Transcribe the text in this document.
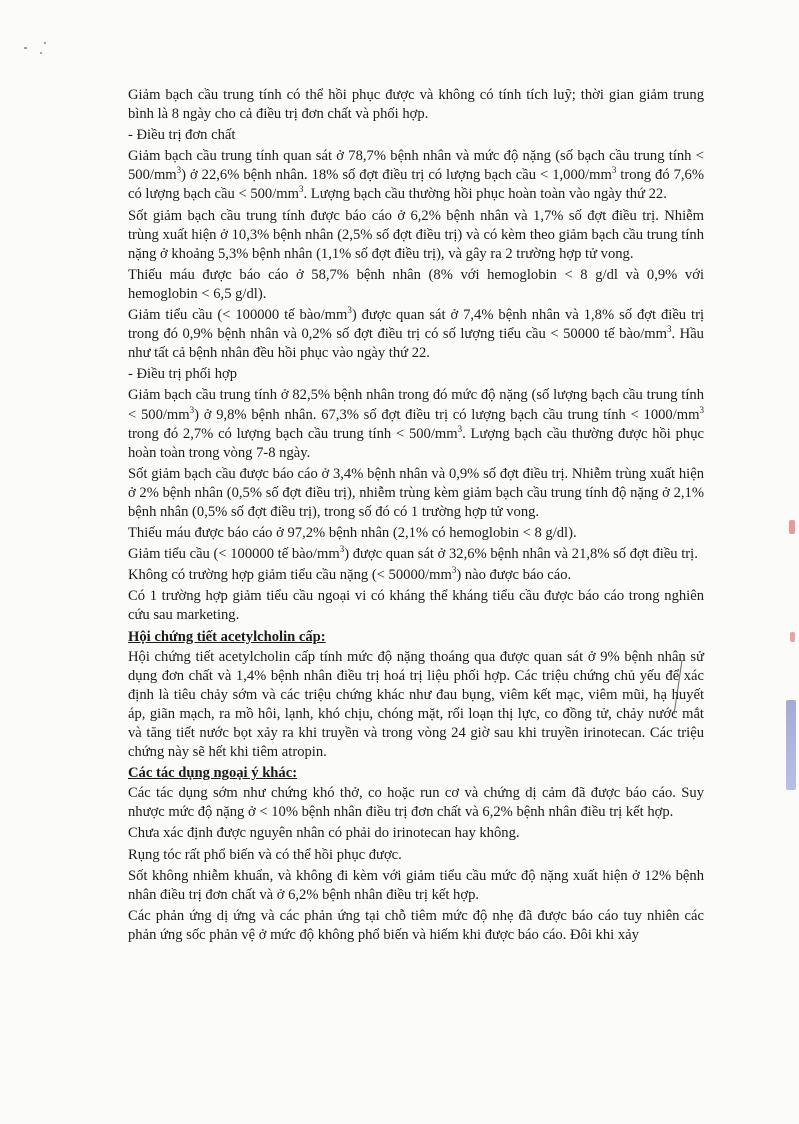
Giảm bạch cầu trung tính có thể hồi phục được và không có tính tích luỹ; thời gian giảm trung bình là 8 ngày cho cả điều trị đơn chất và phối hợp.
- Điều trị đơn chất
Giảm bạch cầu trung tính quan sát ở 78,7% bệnh nhân và mức độ nặng (số bạch cầu trung tính < $500/mm^3$) ở 22,6% bệnh nhân. 18% số đợt điều trị có lượng bạch cầu < $1,000/mm^3$ trong đó 7,6% có lượng bạch cầu < $500/mm^3$. Lượng bạch cầu thường hồi phục hoàn toàn vào ngày thứ 22.
Sốt giảm bạch cầu trung tính được báo cáo ở 6,2% bệnh nhân và 1,7% số đợt điều trị. Nhiễm trùng xuất hiện ở 10,3% bệnh nhân (2,5% số đợt điều trị) và có kèm theo giảm bạch cầu trung tính nặng ở khoảng 5,3% bệnh nhân (1,1% số đợt điều trị), và gây ra 2 trường hợp tử vong.
Thiếu máu được báo cáo ở 58,7% bệnh nhân (8% với hemoglobin < 8 g/dl và 0,9% với hemoglobin < 6,5 g/dl).
Giảm tiểu cầu (< 100000 tế bào/$mm^3$) được quan sát ở 7,4% bệnh nhân và 1,8% số đợt điều trị trong đó 0,9% bệnh nhân và 0,2% số đợt điều trị có số lượng tiểu cầu < 50000 tế bào/$mm^3$. Hầu như tất cả bệnh nhân đều hồi phục vào ngày thứ 22.
- Điều trị phối hợp
Giảm bạch cầu trung tính ở 82,5% bệnh nhân trong đó mức độ nặng (số lượng bạch cầu trung tính < $500/mm^3$) ở 9,8% bệnh nhân. 67,3% số đợt điều trị có lượng bạch cầu trung tính < $1000/mm^3$ trong đó 2,7% có lượng bạch cầu trung tính < $500/mm^3$. Lượng bạch cầu thường được hồi phục hoàn toàn trong vòng 7-8 ngày.
Sốt giảm bạch cầu được báo cáo ở 3,4% bệnh nhân và 0,9% số đợt điều trị. Nhiễm trùng xuất hiện ở 2% bệnh nhân (0,5% số đợt điều trị), nhiễm trùng kèm giảm bạch cầu trung tính độ nặng ở 2,1% bệnh nhân (0,5% số đợt điều trị), trong số đó có 1 trường hợp tử vong.
Thiếu máu được báo cáo ở 97,2% bệnh nhân (2,1% có hemoglobin < 8 g/dl).
Giảm tiểu cầu (< 100000 tế bào/$mm^3$) được quan sát ở 32,6% bệnh nhân và 21,8% số đợt điều trị.
Không có trường hợp giảm tiểu cầu nặng (< $50000/mm^3$) nào được báo cáo.
Có 1 trường hợp giảm tiểu cầu ngoại vi có kháng thể kháng tiểu cầu được báo cáo trong nghiên cứu sau marketing.
Hội chứng tiết acetylcholin cấp:
Hội chứng tiết acetylcholin cấp tính mức độ nặng thoáng qua được quan sát ở 9% bệnh nhân sử dụng đơn chất và 1,4% bệnh nhân điều trị hoá trị liệu phối hợp. Các triệu chứng chủ yếu để xác định là tiêu chảy sớm và các triệu chứng khác như đau bụng, viêm kết mạc, viêm mũi, hạ huyết áp, giãn mạch, ra mồ hôi, lạnh, khó chịu, chóng mặt, rối loạn thị lực, co đồng tử, chảy nước mắt và tăng tiết nước bọt xảy ra khi truyền và trong vòng 24 giờ sau khi truyền irinotecan. Các triệu chứng này sẽ hết khi tiêm atropin.
Các tác dụng ngoại ý khác:
Các tác dụng sớm như chứng khó thở, co hoặc run cơ và chứng dị cảm đã được báo cáo. Suy nhược mức độ nặng ở < 10% bệnh nhân điều trị đơn chất và 6,2% bệnh nhân điều trị kết hợp.
Chưa xác định được nguyên nhân có phải do irinotecan hay không.
Rụng tóc rất phổ biến và có thể hồi phục được.
Sốt không nhiễm khuẩn, và không đi kèm với giảm tiểu cầu mức độ nặng xuất hiện ở 12% bệnh nhân điều trị đơn chất và ở 6,2% bệnh nhân điều trị kết hợp.
Các phản ứng dị ứng và các phản ứng tại chỗ tiêm mức độ nhẹ đã được báo cáo tuy nhiên các phản ứng sốc phản vệ ở mức độ không phổ biến và hiếm khi được báo cáo. Đôi khi xảy
